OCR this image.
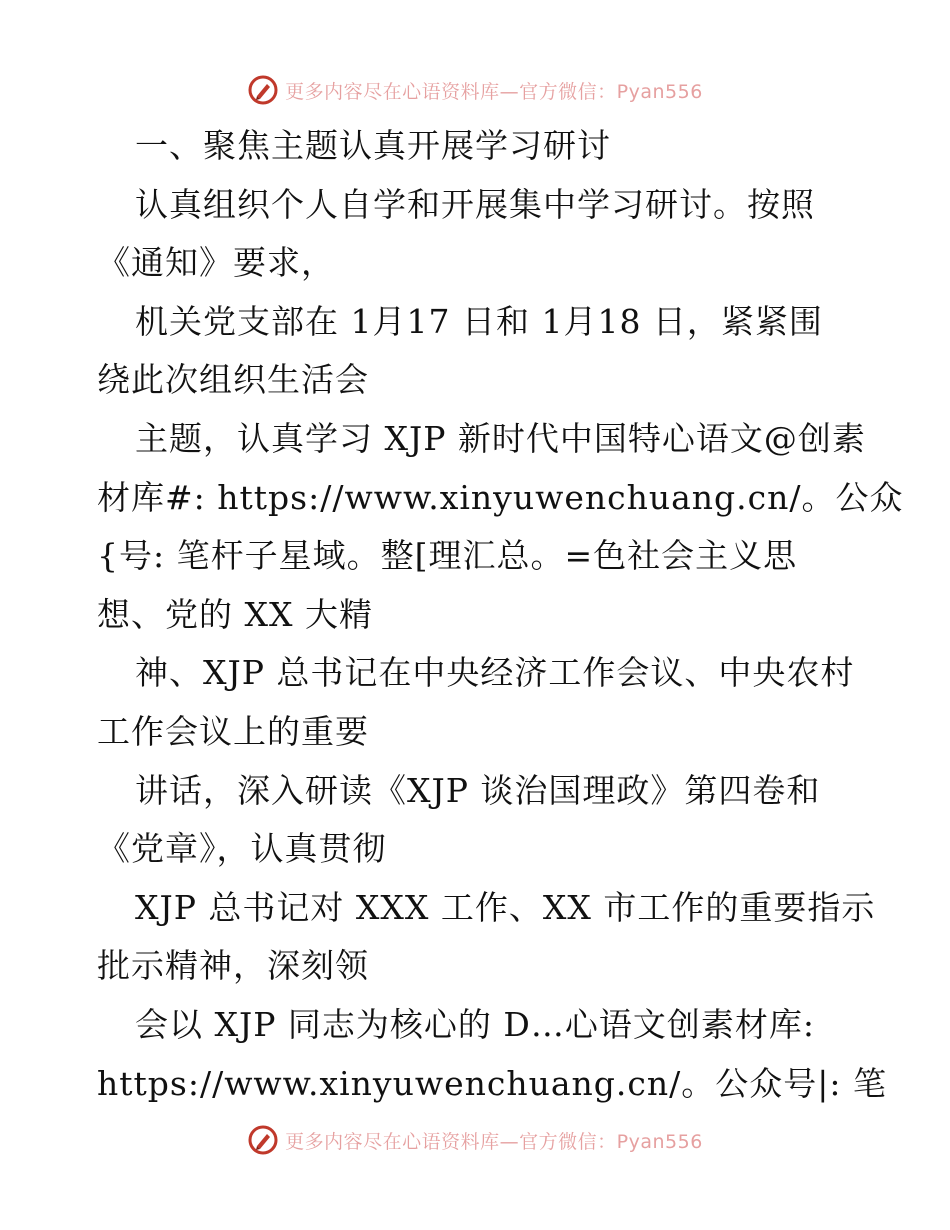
更多内容尽在心语资料库—官方微信：Pyan556
一、聚焦主题认真开展学习研讨
认真组织个人自学和开展集中学习研讨。按照
《通知》要求，
机关党支部在 1月17 日和 1月18 日，紧紧围
绕此次组织生活会
主题，认真学习 XJP 新时代中国特心语文@创素
材库#: https://www.xinyuwenchuang.cn/。公众
{号: 笔杆子星域。整[理汇总。=色社会主义思
想、党的 XX 大精
神、XJP 总书记在中央经济工作会议、中央农村
工作会议上的重要
讲话，深入研读《XJP 谈治国理政》第四卷和
《党章》，认真贯彻
XJP 总书记对 XXX 工作、XX 市工作的重要指示
批示精神，深刻领
会以 XJP 同志为核心的 D…心语文创素材库:
https://www.xinyuwenchuang.cn/。公众号|: 笔
更多内容尽在心语资料库—官方微信：Pyan556
